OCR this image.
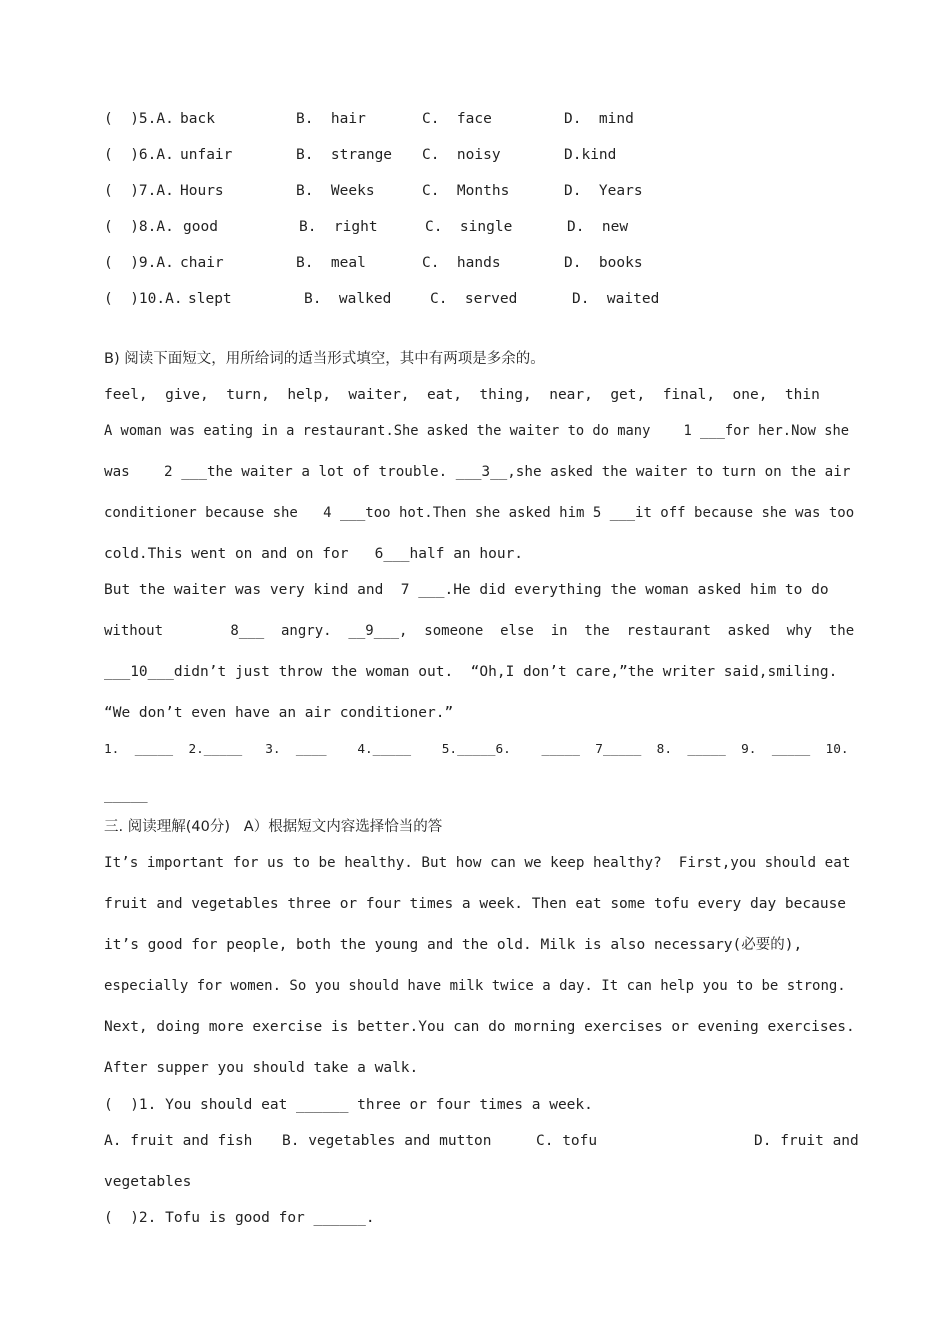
(  )5.A. back	B.  hair	C.  face	D.  mind
(  )6.A. unfair	B.  strange C.  noisy	D.kind
(  )7.A. Hours	B.  Weeks	C.  Months	D.  Years
(  )8.A. good	B.  right	C.  single	D.  new
(  )9.A. chair	B.  meal	C.  hands	D.  books
(  )10.A. slept	B.  walked	C.  served	D.  waited
B) 阅读下面短文，用所给词的适当形式填空，其中有两项是多余的。
feel,  give,  turn,  help,  waiter,  eat,  thing,  near,  get,  final,  one,  thin
A woman was eating in a restaurant.She asked the waiter to do many    1 ___for her.Now she
was    2 ___the waiter a lot of trouble. ___3__,she asked the waiter to turn on the air
conditioner because she   4 ___too hot.Then she asked him 5 ___it off because she was too
cold.This went on and on for   6___half an hour.
But the waiter was very kind and  7 ___.He did everything the woman asked him to do
without        8___  angry.  __9___,  someone  else  in  the  restaurant  asked  why  the
___10___didn’t just throw the woman out.  “Oh,I don’t care,”the writer said,smiling.
“We don’t even have an air conditioner.”
1.  _____  2._____   3.  ____    4._____    5._____6.    _____  7_____  8.  _____  9.  _____  10.
_____
三. 阅读理解(40分)   A）根据短文内容选择恰当的答
It’s important for us to be healthy. But how can we keep healthy?  First,you should eat
fruit and vegetables three or four times a week. Then eat some tofu every day because
it’s good for people, both the young and the old. Milk is also necessary(必要的),
especially for women. So you should have milk twice a day. It can help you to be strong.
Next, doing more exercise is better.You can do morning exercises or evening exercises.
After supper you should take a walk.
(  )1. You should eat ______ three or four times a week.
A. fruit and fish B. vegetables and mutton	C. tofu	D. fruit and
vegetables
(  )2. Tofu is good for ______.
